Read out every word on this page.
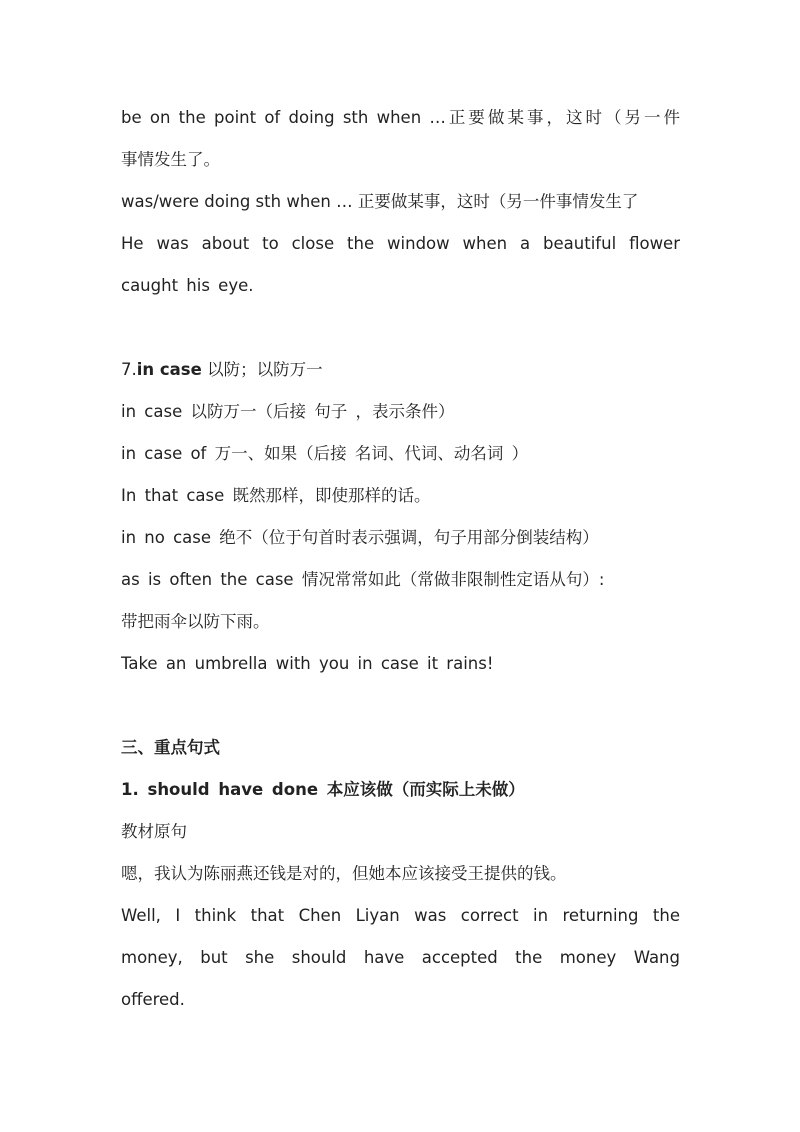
be on the point of doing sth when …正要做某事，这时（另一件
事情发生了。
was/were doing sth when … 正要做某事，这时（另一件事情发生了
He was about to close the window when a beautiful flower
caught his eye.
7.in case 以防；以防万一
in case 以防万一（后接 句子 ，表示条件）
in case of 万一、如果（后接 名词、代词、动名词 ）
In that case 既然那样，即使那样的话。
in no case 绝不（位于句首时表示强调，句子用部分倒装结构）
as is often the case 情况常常如此（常做非限制性定语从句）:
带把雨伞以防下雨。
Take an umbrella with you in case it rains!
三、重点句式
1. should have done 本应该做（而实际上未做）
教材原句
嗯，我认为陈丽燕还钱是对的，但她本应该接受王提供的钱。
Well, I think that Chen Liyan was correct in returning the
money, but she should have accepted the money Wang
offered.
